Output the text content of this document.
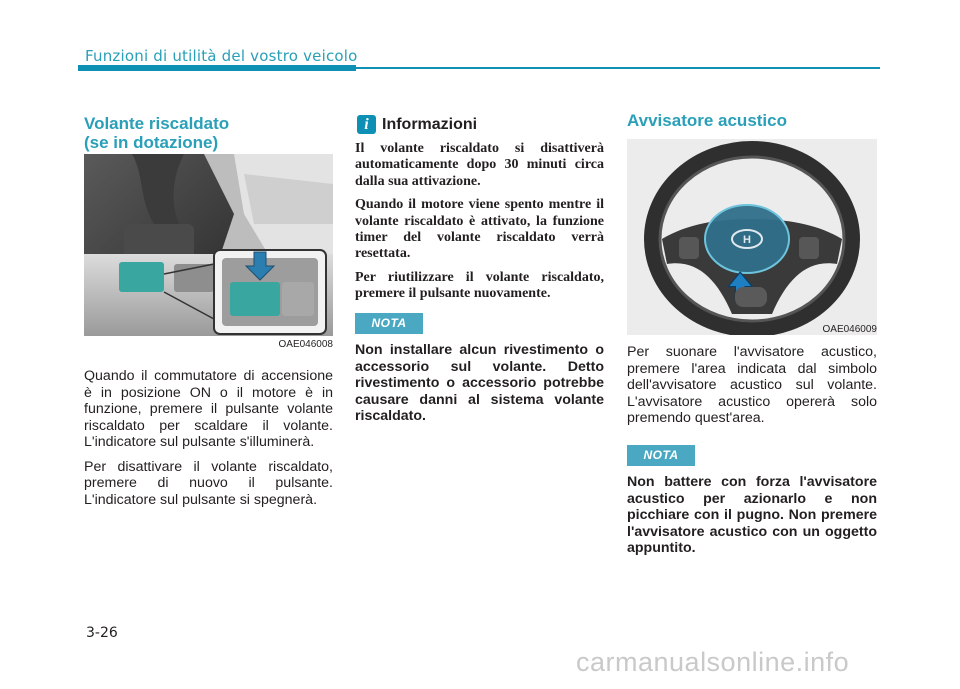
Funzioni di utilità del vostro veicolo

Volante riscaldato

(se in dotazione)

OAE046008

Quando il commutatore di accensione è in posizione ON o il motore è in funzione, premere il pulsante volante riscaldato per scaldare il volante. L'indicatore sul pulsante s'illuminerà.

Per disattivare il volante riscaldato, premere di nuovo il pulsante. L'indicatore sul pulsante si spegnerà.

i Informazioni

Il volante riscaldato si disattiverà automaticamente dopo 30 minuti circa dalla sua attivazione.

Quando il motore viene spento mentre il volante riscaldato è attivato, la funzione timer del volante riscaldato verrà resettata.

Per riutilizzare il volante riscaldato, premere il pulsante nuovamente.

NOTA

Non installare alcun rivestimento o accessorio sul volante. Detto rivestimento o accessorio potrebbe causare danni al sistema volante riscaldato.

Avvisatore acustico
H
OAE046009

Per suonare l'avvisatore acustico, premere l'area indicata dal simbolo dell'avvisatore acustico sul volante. L'avvisatore acustico opererà solo premendo quest'area.

NOTA

Non battere con forza l'avvisatore acustico per azionarlo e non picchiare con il pugno. Non premere l'avvisatore acustico con un oggetto appuntito.

3-26
carmanualsonline.info
